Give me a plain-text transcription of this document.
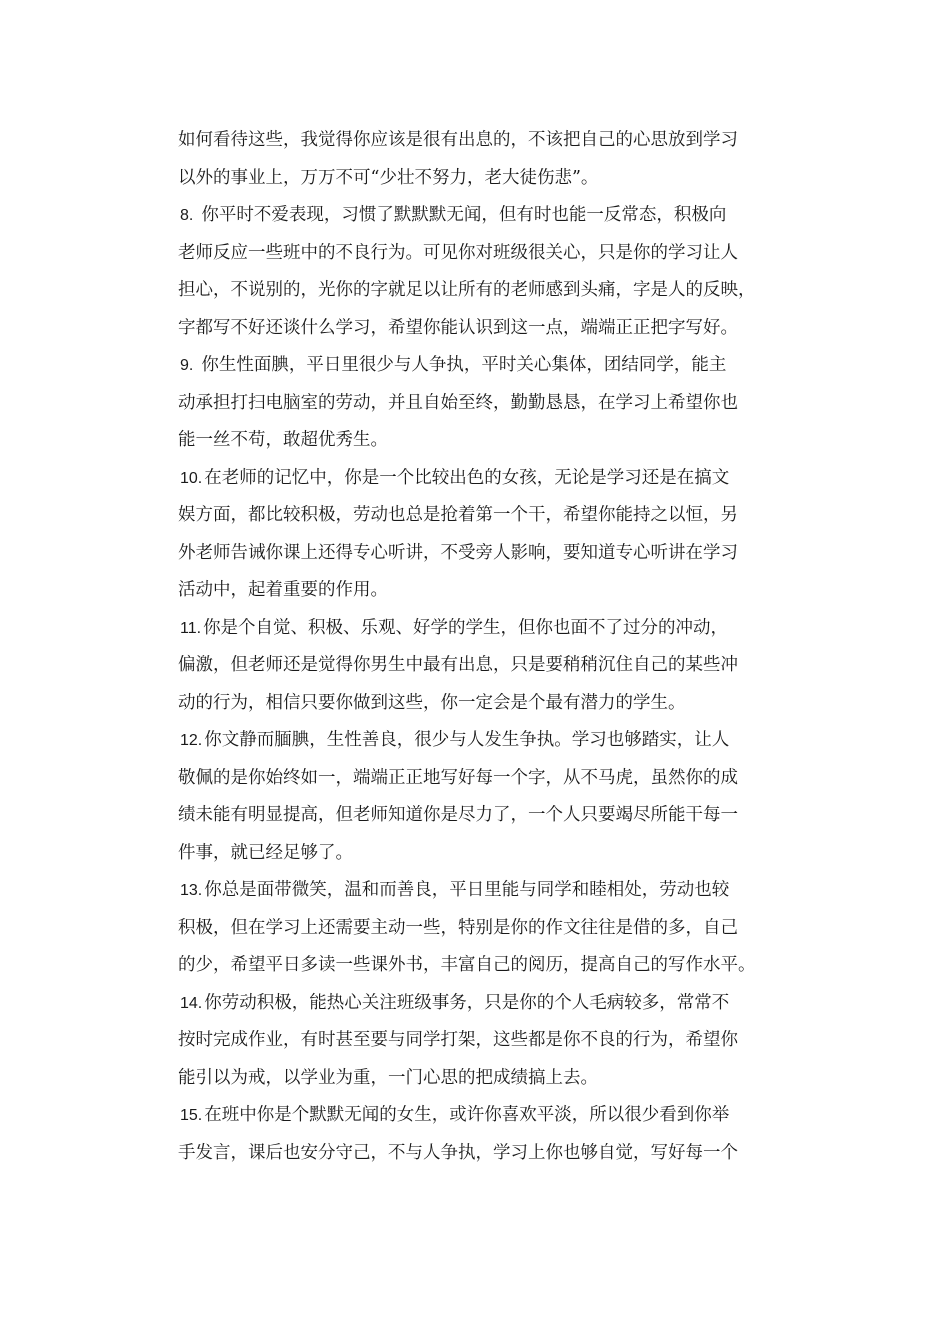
如何看待这些，我觉得你应该是很有出息的，不该把自己的心思放到学习
以外的事业上，万万不可“少壮不努力，老大徒伤悲”。
8. 你平时不爱表现，习惯了默默默无闻，但有时也能一反常态，积极向
老师反应一些班中的不良行为。可见你对班级很关心，只是你的学习让人
担心，不说别的，光你的字就足以让所有的老师感到头痛，字是人的反映，
字都写不好还谈什么学习，希望你能认识到这一点，端端正正把字写好。
9. 你生性面腆，平日里很少与人争执，平时关心集体，团结同学，能主
动承担打扫电脑室的劳动，并且自始至终，勤勤恳恳，在学习上希望你也
能一丝不苟，敢超优秀生。
10. 在老师的记忆中，你是一个比较出色的女孩，无论是学习还是在搞文
娱方面，都比较积极，劳动也总是抢着第一个干，希望你能持之以恒，另
外老师告诫你课上还得专心听讲，不受旁人影响，要知道专心听讲在学习
活动中，起着重要的作用。
11. 你是个自觉、积极、乐观、好学的学生，但你也面不了过分的冲动，
偏激，但老师还是觉得你男生中最有出息，只是要稍稍沉住自己的某些冲
动的行为，相信只要你做到这些，你一定会是个最有潜力的学生。
12. 你文静而腼腆，生性善良，很少与人发生争执。学习也够踏实，让人
敬佩的是你始终如一，端端正正地写好每一个字，从不马虎，虽然你的成
绩未能有明显提高，但老师知道你是尽力了，一个人只要竭尽所能干每一
件事，就已经足够了。
13. 你总是面带微笑，温和而善良，平日里能与同学和睦相处，劳动也较
积极，但在学习上还需要主动一些，特别是你的作文往往是借的多，自己
的少，希望平日多读一些课外书，丰富自己的阅历，提高自己的写作水平。
14. 你劳动积极，能热心关注班级事务，只是你的个人毛病较多，常常不
按时完成作业，有时甚至要与同学打架，这些都是你不良的行为，希望你
能引以为戒，以学业为重，一门心思的把成绩搞上去。
15. 在班中你是个默默无闻的女生，或许你喜欢平淡，所以很少看到你举
手发言，课后也安分守己，不与人争执，学习上你也够自觉，写好每一个
